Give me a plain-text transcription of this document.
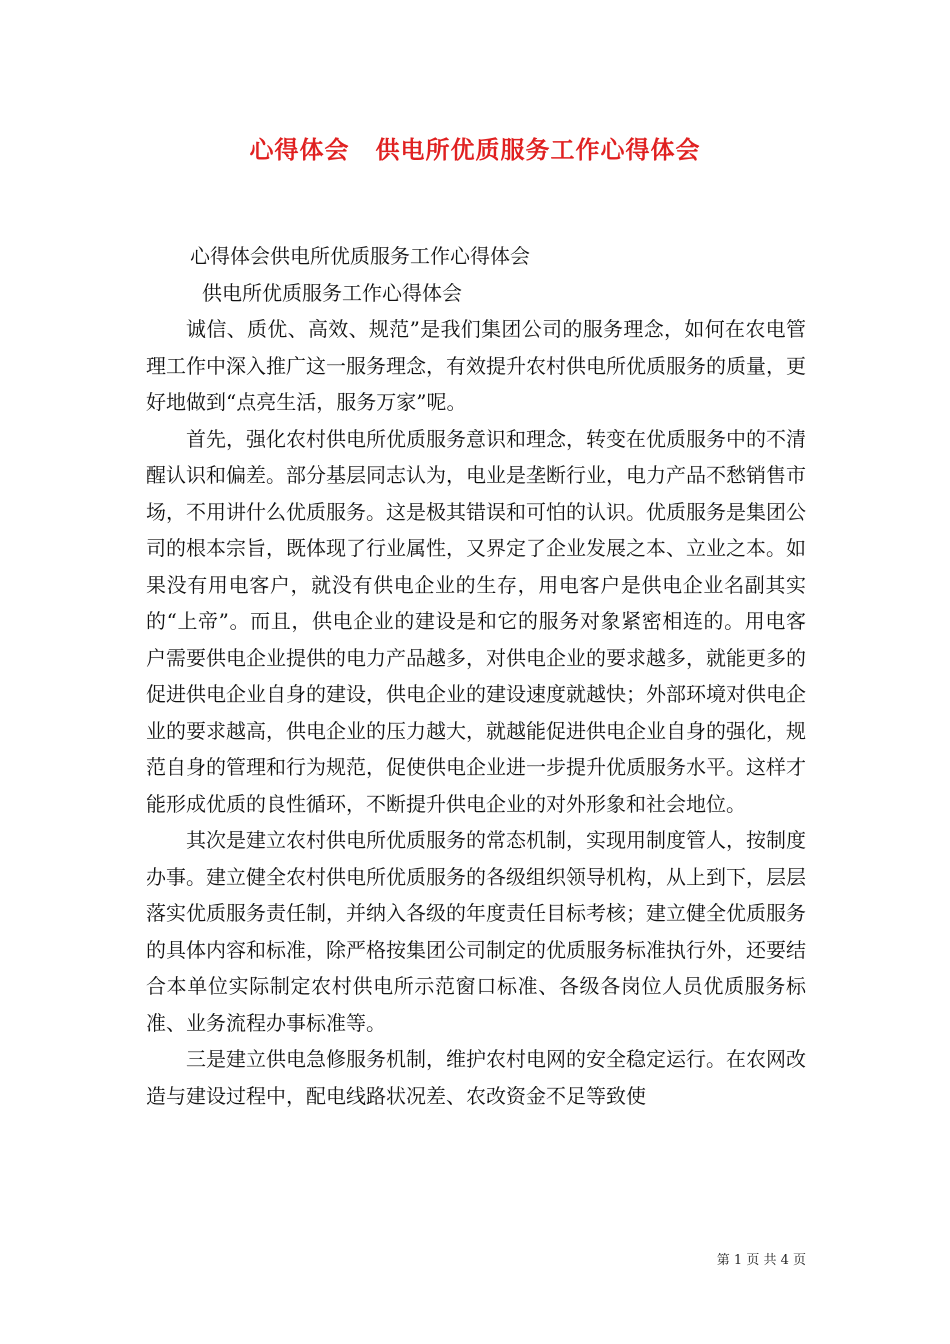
心得体会 供电所优质服务工作心得体会

心得体会供电所优质服务工作心得体会

供电所优质服务工作心得体会

诚信、质优、高效、规范”是我们集团公司的服务理念，如何在农电管理工作中深入推广这一服务理念，有效提升农村供电所优质服务的质量，更好地做到“点亮生活，服务万家”呢。

首先，强化农村供电所优质服务意识和理念，转变在优质服务中的不清醒认识和偏差。部分基层同志认为，电业是垄断行业，电力产品不愁销售市场，不用讲什么优质服务。这是极其错误和可怕的认识。优质服务是集团公司的根本宗旨，既体现了行业属性，又界定了企业发展之本、立业之本。如果没有用电客户，就没有供电企业的生存，用电客户是供电企业名副其实的“上帝”。而且，供电企业的建设是和它的服务对象紧密相连的。用电客户需要供电企业提供的电力产品越多，对供电企业的要求越多，就能更多的促进供电企业自身的建设，供电企业的建设速度就越快；外部环境对供电企业的要求越高，供电企业的压力越大，就越能促进供电企业自身的强化，规范自身的管理和行为规范，促使供电企业进一步提升优质服务水平。这样才能形成优质的良性循环，不断提升供电企业的对外形象和社会地位。

其次是建立农村供电所优质服务的常态机制，实现用制度管人，按制度办事。建立健全农村供电所优质服务的各级组织领导机构，从上到下，层层落实优质服务责任制，并纳入各级的年度责任目标考核；建立健全优质服务的具体内容和标准，除严格按集团公司制定的优质服务标准执行外，还要结合本单位实际制定农村供电所示范窗口标准、各级各岗位人员优质服务标准、业务流程办事标准等。

三是建立供电急修服务机制，维护农村电网的安全稳定运行。在农网改造与建设过程中，配电线路状况差、农改资金不足等致使

第 1 页 共 4 页
